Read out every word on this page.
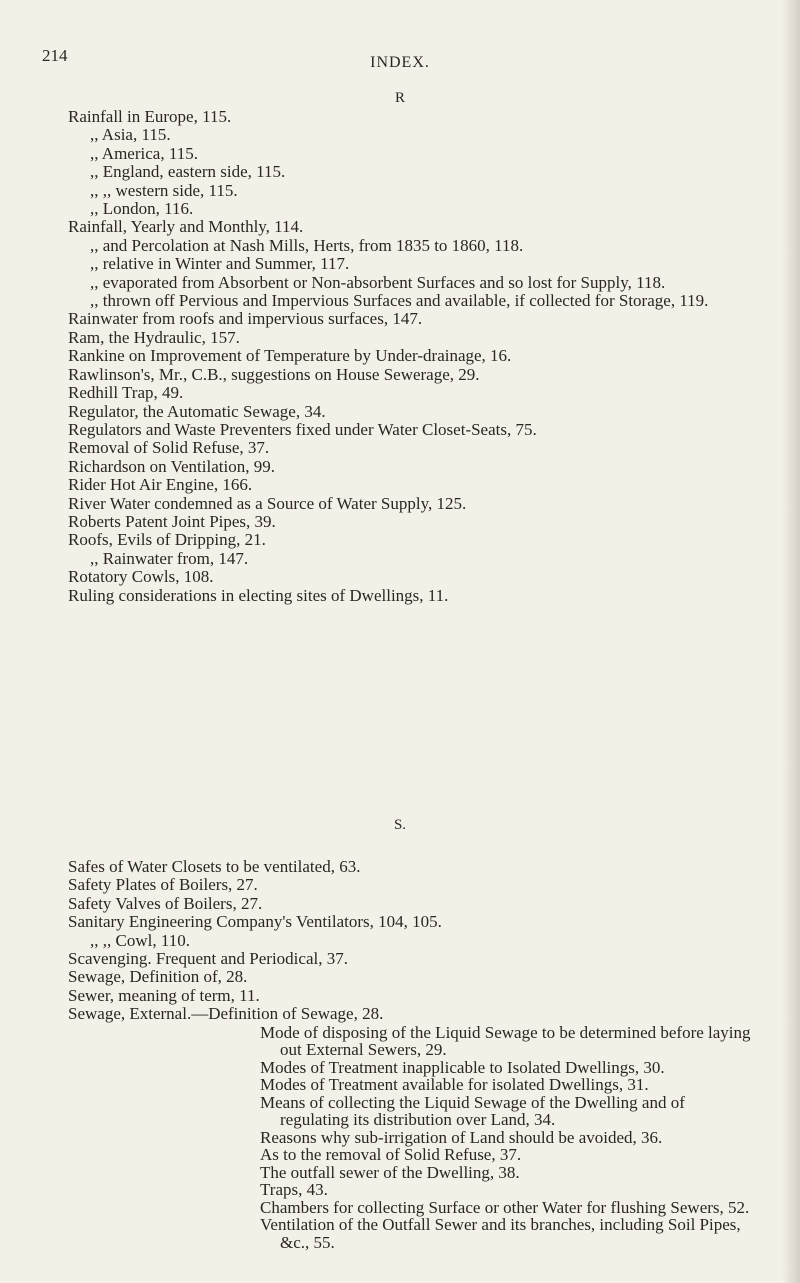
214	INDEX.
R
Rainfall in Europe, 115.
,, Asia, 115.
,, America, 115.
,, England, eastern side, 115.
,, ,, western side, 115.
,, London, 116.
Rainfall, Yearly and Monthly, 114.
,, and Percolation at Nash Mills, Herts, from 1835 to 1860, 118.
,, relative in Winter and Summer, 117.
,, evaporated from Absorbent or Non-absorbent Surfaces and so lost for Supply, 118.
,, thrown off Pervious and Impervious Surfaces and available, if collected for Storage, 119.
Rainwater from roofs and impervious surfaces, 147.
Ram, the Hydraulic, 157.
Rankine on Improvement of Temperature by Under-drainage, 16.
Rawlinson's, Mr., C.B., suggestions on House Sewerage, 29.
Redhill Trap, 49.
Regulator, the Automatic Sewage, 34.
Regulators and Waste Preventers fixed under Water Closet-Seats, 75.
Removal of Solid Refuse, 37.
Richardson on Ventilation, 99.
Rider Hot Air Engine, 166.
River Water condemned as a Source of Water Supply, 125.
Roberts Patent Joint Pipes, 39.
Roofs, Evils of Dripping, 21.
,, Rainwater from, 147.
Rotatory Cowls, 108.
Ruling considerations in electing sites of Dwellings, 11.
S.
Safes of Water Closets to be ventilated, 63.
Safety Plates of Boilers, 27.
Safety Valves of Boilers, 27.
Sanitary Engineering Company's Ventilators, 104, 105.
,, ,, Cowl, 110.
Scavenging. Frequent and Periodical, 37.
Sewage, Definition of, 28.
Sewer, meaning of term, 11.
Sewage, External.—Definition of Sewage, 28.
Mode of disposing of the Liquid Sewage to be determined before laying out External Sewers, 29.
Modes of Treatment inapplicable to Isolated Dwellings, 30.
Modes of Treatment available for isolated Dwellings, 31.
Means of collecting the Liquid Sewage of the Dwelling and of regulating its distribution over Land, 34.
Reasons why sub-irrigation of Land should be avoided, 36.
As to the removal of Solid Refuse, 37.
The outfall sewer of the Dwelling, 38.
Traps, 43.
Chambers for collecting Surface or other Water for flushing Sewers, 52.
Ventilation of the Outfall Sewer and its branches, including Soil Pipes, &c., 55.
